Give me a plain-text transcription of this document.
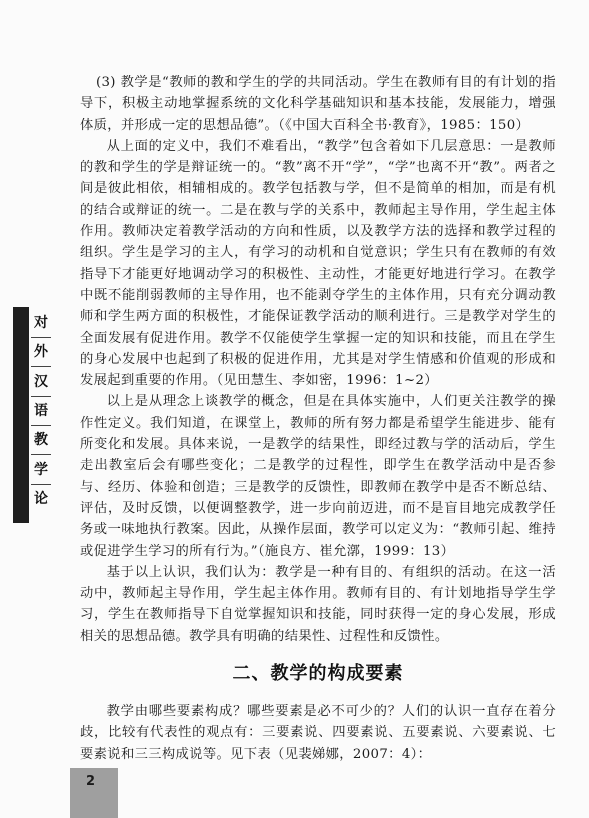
对
外
汉
语
教
学
论

(3) 教学是“教师的教和学生的学的共同活动。学生在教师有目的有计划的指导下，积极主动地掌握系统的文化科学基础知识和基本技能，发展能力，增强体质，并形成一定的思想品德”。（《中国大百科全书·教育》，1985：150）

从上面的定义中，我们不难看出，“教学”包含着如下几层意思：一是教师的教和学生的学是辩证统一的。“教”离不开“学”，“学”也离不开“教”。两者之间是彼此相依，相辅相成的。教学包括教与学，但不是简单的相加，而是有机的结合或辩证的统一。二是在教与学的关系中，教师起主导作用，学生起主体作用。教师决定着教学活动的方向和性质，以及教学方法的选择和教学过程的组织。学生是学习的主人，有学习的动机和自觉意识；学生只有在教师的有效指导下才能更好地调动学习的积极性、主动性，才能更好地进行学习。在教学中既不能削弱教师的主导作用，也不能剥夺学生的主体作用，只有充分调动教师和学生两方面的积极性，才能保证教学活动的顺利进行。三是教学对学生的全面发展有促进作用。教学不仅能使学生掌握一定的知识和技能，而且在学生的身心发展中也起到了积极的促进作用，尤其是对学生情感和价值观的形成和发展起到重要的作用。（见田慧生、李如密，1996：1~2）

以上是从理念上谈教学的概念，但是在具体实施中，人们更关注教学的操作性定义。我们知道，在课堂上，教师的所有努力都是希望学生能进步、能有所变化和发展。具体来说，一是教学的结果性，即经过教与学的活动后，学生走出教室后会有哪些变化；二是教学的过程性，即学生在教学活动中是否参与、经历、体验和创造；三是教学的反馈性，即教师在教学中是否不断总结、评估，及时反馈，以便调整教学，进一步向前迈进，而不是盲目地完成教学任务或一味地执行教案。因此，从操作层面，教学可以定义为：“教师引起、维持或促进学生学习的所有行为。”（施良方、崔允漷，1999：13）

基于以上认识，我们认为：教学是一种有目的、有组织的活动。在这一活动中，教师起主导作用，学生起主体作用。教师有目的、有计划地指导学生学习，学生在教师指导下自觉掌握知识和技能，同时获得一定的身心发展，形成相关的思想品德。教学具有明确的结果性、过程性和反馈性。

二、教学的构成要素

教学由哪些要素构成？哪些要素是必不可少的？人们的认识一直存在着分歧，比较有代表性的观点有：三要素说、四要素说、五要素说、六要素说、七要素说和三三构成说等。见下表（见裴娣娜，2007：4）：

2
